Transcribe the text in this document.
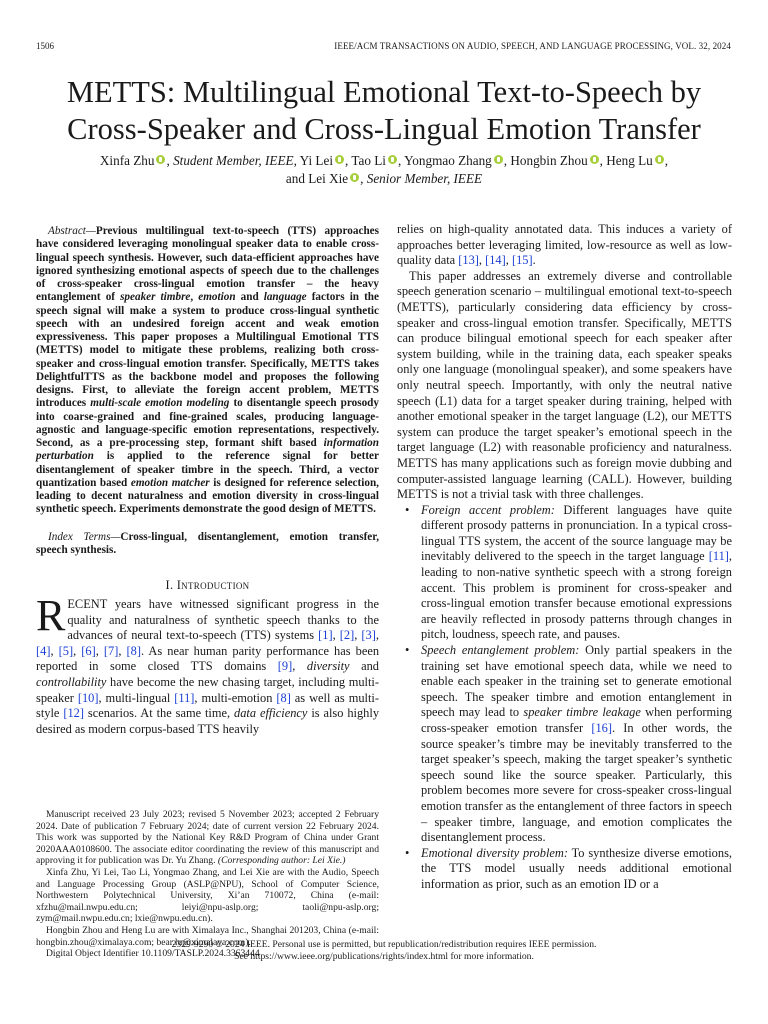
1506	IEEE/ACM TRANSACTIONS ON AUDIO, SPEECH, AND LANGUAGE PROCESSING, VOL. 32, 2024
METTS: Multilingual Emotional Text-to-Speech by
Cross-Speaker and Cross-Lingual Emotion Transfer
Xinfa Zhu , Student Member, IEEE, Yi Lei , Tao Li , Yongmao Zhang , Hongbin Zhou , Heng Lu ,
and Lei Xie , Senior Member, IEEE

Abstract—Previous multilingual text-to-speech (TTS) approaches have considered leveraging monolingual speaker data to enable cross-lingual speech synthesis. However, such data-efficient approaches have ignored synthesizing emotional aspects of speech due to the challenges of cross-speaker cross-lingual emotion transfer – the heavy entanglement of speaker timbre, emotion and language factors in the speech signal will make a system to produce cross-lingual synthetic speech with an undesired foreign accent and weak emotion expressiveness. This paper proposes a Multilingual Emotional TTS (METTS) model to mitigate these problems, realizing both cross-speaker and cross-lingual emotion transfer. Specifically, METTS takes DelightfulTTS as the backbone model and proposes the following designs. First, to alleviate the foreign accent problem, METTS introduces multi-scale emotion modeling to disentangle speech prosody into coarse-grained and fine-grained scales, producing language-agnostic and language-specific emotion representations, respectively. Second, as a pre-processing step, formant shift based information perturbation is applied to the reference signal for better disentanglement of speaker timbre in the speech. Third, a vector quantization based emotion matcher is designed for reference selection, leading to decent naturalness and emotion diversity in cross-lingual synthetic speech. Experiments demonstrate the good design of METTS.

Index Terms—Cross-lingual, disentanglement, emotion transfer, speech synthesis.

I. Introduction

RECENT years have witnessed significant progress in the quality and naturalness of synthetic speech thanks to the advances of neural text-to-speech (TTS) systems [1], [2], [3], [4], [5], [6], [7], [8]. As near human parity performance has been reported in some closed TTS domains [9], diversity and controllability have become the new chasing target, including multi-speaker [10], multi-lingual [11], multi-emotion [8] as well as multi-style [12] scenarios. At the same time, data efficiency is also highly desired as modern corpus-based TTS heavily

Manuscript received 23 July 2023; revised 5 November 2023; accepted 2 February 2024. Date of publication 7 February 2024; date of current version 22 February 2024. This work was supported by the National Key R&D Program of China under Grant 2020AAA0108600. The associate editor coordinating the review of this manuscript and approving it for publication was Dr. Yu Zhang. (Corresponding author: Lei Xie.)

Xinfa Zhu, Yi Lei, Tao Li, Yongmao Zhang, and Lei Xie are with the Audio, Speech and Language Processing Group (ASLP@NPU), School of Computer Science, Northwestern Polytechnical University, Xi’an 710072, China (e-mail: xfzhu@mail.nwpu.edu.cn; leiyi@npu-aslp.org; taoli@npu-aslp.org; zym@mail.nwpu.edu.cn; lxie@nwpu.edu.cn).

Hongbin Zhou and Heng Lu are with Ximalaya Inc., Shanghai 201203, China (e-mail: hongbin.zhou@ximalaya.com; bear.lu@ximalaya.com).

Digital Object Identifier 10.1109/TASLP.2024.3363444

relies on high-quality annotated data. This induces a variety of approaches better leveraging limited, low-resource as well as low-quality data [13], [14], [15].

This paper addresses an extremely diverse and controllable speech generation scenario – multilingual emotional text-to-speech (METTS), particularly considering data efficiency by cross-speaker and cross-lingual emotion transfer. Specifically, METTS can produce bilingual emotional speech for each speaker after system building, while in the training data, each speaker speaks only one language (monolingual speaker), and some speakers have only neutral speech. Importantly, with only the neutral native speech (L1) data for a target speaker during training, helped with another emotional speaker in the target language (L2), our METTS system can produce the target speaker’s emotional speech in the target language (L2) with reasonable proficiency and naturalness. METTS has many applications such as foreign movie dubbing and computer-assisted language learning (CALL). However, building METTS is not a trivial task with three challenges.

• Foreign accent problem: Different languages have quite different prosody patterns in pronunciation. In a typical cross-lingual TTS system, the accent of the source language may be inevitably delivered to the speech in the target language [11], leading to non-native synthetic speech with a strong foreign accent. This problem is prominent for cross-speaker and cross-lingual emotion transfer because emotional expressions are heavily reflected in prosody patterns through changes in pitch, loudness, speech rate, and pauses.
• Speech entanglement problem: Only partial speakers in the training set have emotional speech data, while we need to enable each speaker in the training set to generate emotional speech. The speaker timbre and emotion entanglement in speech may lead to speaker timbre leakage when performing cross-speaker emotion transfer [16]. In other words, the source speaker’s timbre may be inevitably transferred to the target speaker’s speech, making the target speaker’s synthetic speech sound like the source speaker. Particularly, this problem becomes more severe for cross-speaker cross-lingual emotion transfer as the entanglement of three factors in speech – speaker timbre, language, and emotion complicates the disentanglement process.
• Emotional diversity problem: To synthesize diverse emotions, the TTS model usually needs additional emotional information as prior, such as an emotion ID or a
2329-9290 © 2024 IEEE. Personal use is permitted, but republication/redistribution requires IEEE permission.
See https://www.ieee.org/publications/rights/index.html for more information.
